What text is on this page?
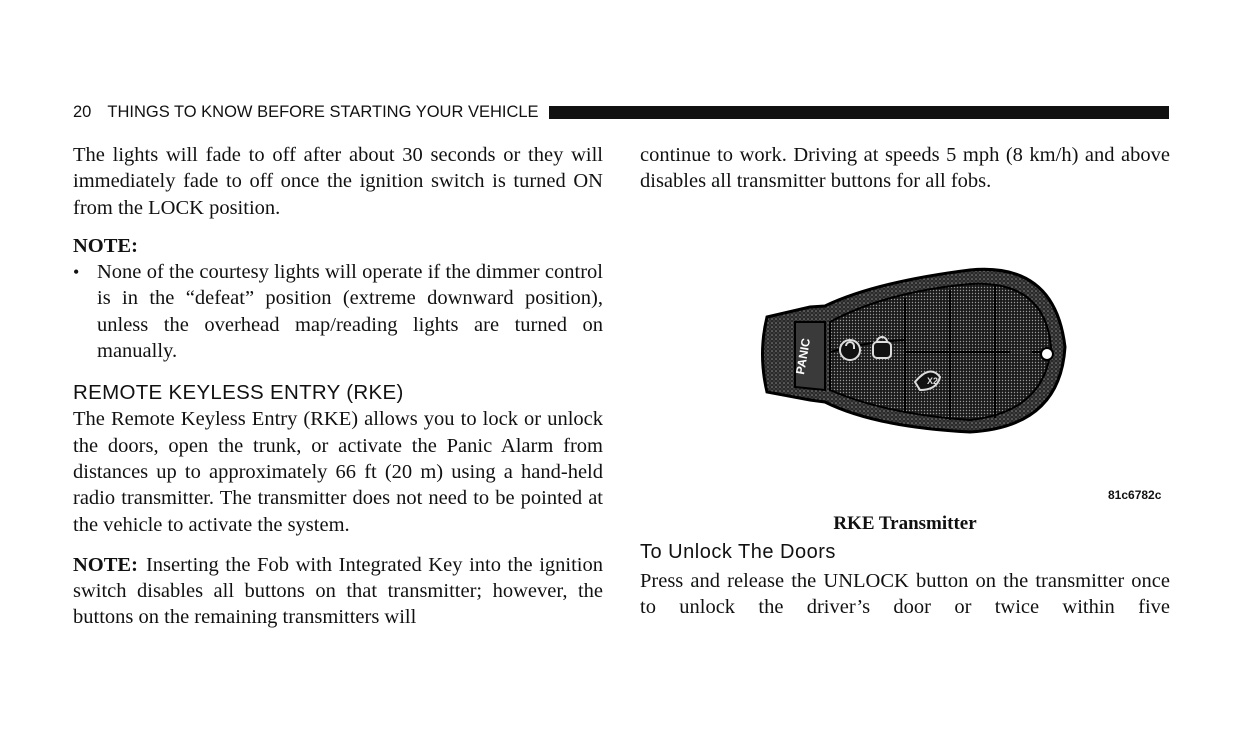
20 THINGS TO KNOW BEFORE STARTING YOUR VEHICLE

The lights will fade to off after about 30 seconds or they will immediately fade to off once the ignition switch is turned ON from the LOCK position.

NOTE:

• None of the courtesy lights will operate if the dimmer control is in the “defeat” position (extreme downward position), unless the overhead map/reading lights are turned on manually.

REMOTE KEYLESS ENTRY (RKE)

The Remote Keyless Entry (RKE) allows you to lock or unlock the doors, open the trunk, or activate the Panic Alarm from distances up to approximately 66 ft (20 m) using a hand-held radio transmitter. The transmitter does not need to be pointed at the vehicle to activate the system.

NOTE: Inserting the Fob with Integrated Key into the ignition switch disables all buttons on that transmitter; however, the buttons on the remaining transmitters will

continue to work. Driving at speeds 5 mph (8 km/h) and above disables all transmitter buttons for all fobs.

PANIC
X2
81c6782c
RKE Transmitter
To Unlock The Doors

Press and release the UNLOCK button on the transmitter once to unlock the driver’s door or twice within five
